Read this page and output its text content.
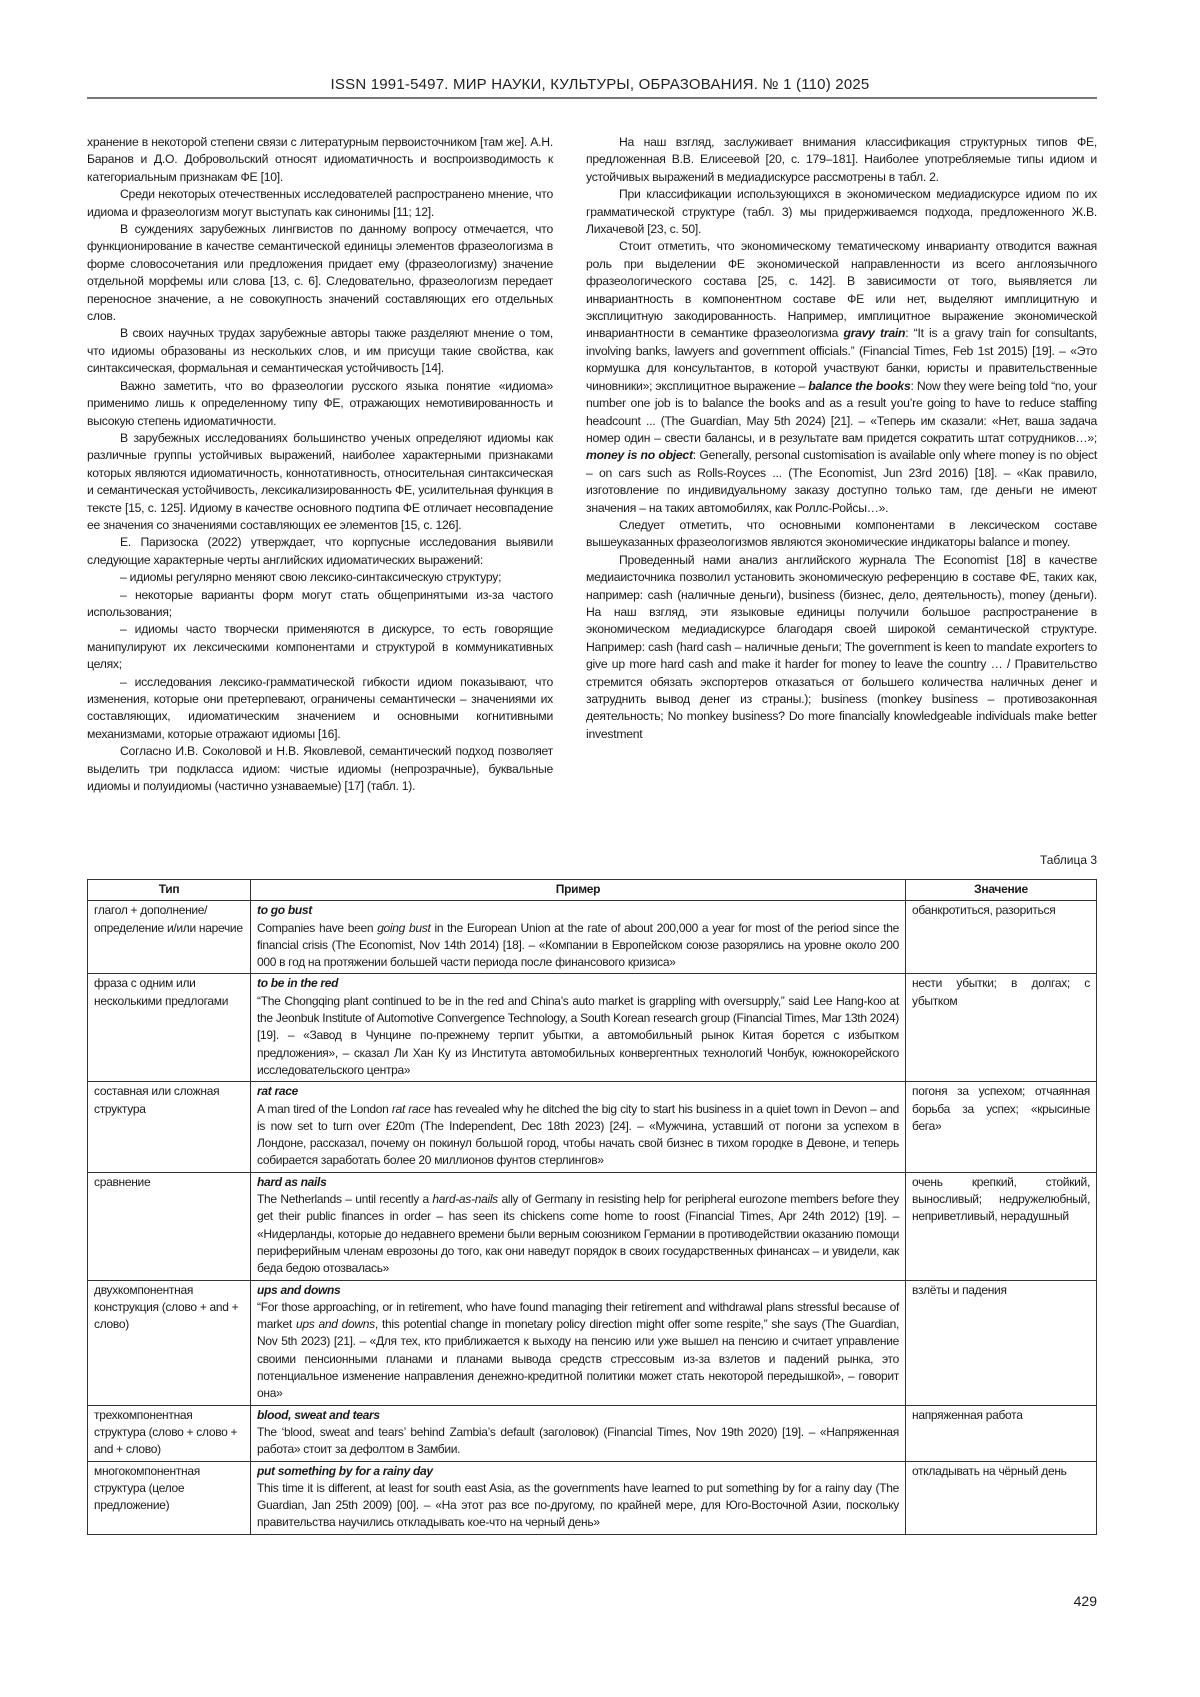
ISSN 1991-5497. МИР НАУКИ, КУЛЬТУРЫ, ОБРАЗОВАНИЯ. № 1 (110) 2025

хранение в некоторой степени связи с литературным первоисточником [там же]. А.Н. Баранов и Д.О. Добровольский относят идиоматичность и воспроизводимость к категориальным признакам ФЕ [10].

Среди некоторых отечественных исследователей распространено мнение, что идиома и фразеологизм могут выступать как синонимы [11; 12].

В суждениях зарубежных лингвистов по данному вопросу отмечается, что функционирование в качестве семантической единицы элементов фразеологизма в форме словосочетания или предложения придает ему (фразеологизму) значение отдельной морфемы или слова [13, с. 6]. Следовательно, фразеологизм передает переносное значение, а не совокупность значений составляющих его отдельных слов.

В своих научных трудах зарубежные авторы также разделяют мнение о том, что идиомы образованы из нескольких слов, и им присущи такие свойства, как синтаксическая, формальная и семантическая устойчивость [14].

Важно заметить, что во фразеологии русского языка понятие «идиома» применимо лишь к определенному типу ФЕ, отражающих немотивированность и высокую степень идиоматичности.

В зарубежных исследованиях большинство ученых определяют идиомы как различные группы устойчивых выражений, наиболее характерными признаками которых являются идиоматичность, коннотативность, относительная синтаксическая и семантическая устойчивость, лексикализированность ФЕ, усилительная функция в тексте [15, с. 125]. Идиому в качестве основного подтипа ФЕ отличает несовпадение ее значения со значениями составляющих ее элементов [15, с. 126].

Е. Паризоска (2022) утверждает, что корпусные исследования выявили следующие характерные черты английских идиоматических выражений:

– идиомы регулярно меняют свою лексико-синтаксическую структуру;

– некоторые варианты форм могут стать общепринятыми из-за частого использования;

– идиомы часто творчески применяются в дискурсе, то есть говорящие манипулируют их лексическими компонентами и структурой в коммуникативных целях;

– исследования лексико-грамматической гибкости идиом показывают, что изменения, которые они претерпевают, ограничены семантически – значениями их составляющих, идиоматическим значением и основными когнитивными механизмами, которые отражают идиомы [16].

Согласно И.В. Соколовой и Н.В. Яковлевой, семантический подход позволяет выделить три подкласса идиом: чистые идиомы (непрозрачные), буквальные идиомы и полуидиомы (частично узнаваемые) [17] (табл. 1).

На наш взгляд, заслуживает внимания классификация структурных типов ФЕ, предложенная В.В. Елисеевой [20, с. 179–181]. Наиболее употребляемые типы идиом и устойчивых выражений в медиадискурсе рассмотрены в табл. 2.

При классификации использующихся в экономическом медиадискурсе идиом по их грамматической структуре (табл. 3) мы придерживаемся подхода, предложенного Ж.В. Лихачевой [23, с. 50].

Стоит отметить, что экономическому тематическому инварианту отводится важная роль при выделении ФЕ экономической направленности из всего англоязычного фразеологического состава [25, с. 142]. В зависимости от того, выявляется ли инвариантность в компонентном составе ФЕ или нет, выделяют имплицитную и эксплицитную закодированность. Например, имплицитное выражение экономической инвариантности в семантике фразеологизма gravy train: “It is a gravy train for consultants, involving banks, lawyers and government officials.” (Financial Times, Feb 1st 2015) [19]. – «Это кормушка для консультантов, в которой участвуют банки, юристы и правительственные чиновники»; эксплицитное выражение – balance the books: Now they were being told “no, your number one job is to balance the books and as a result you’re going to have to reduce staffing headcount ... (The Guardian, May 5th 2024) [21]. – «Теперь им сказали: «Нет, ваша задача номер один – свести балансы, и в результате вам придется сократить штат сотрудников…»; money is no object: Generally, personal customisation is available only where money is no object – on cars such as Rolls-Royces ... (The Economist, Jun 23rd 2016) [18]. – «Как правило, изготовление по индивидуальному заказу доступно только там, где деньги не имеют значения – на таких автомобилях, как Роллс-Ройсы…».

Следует отметить, что основными компонентами в лексическом составе вышеуказанных фразеологизмов являются экономические индикаторы balance и money.

Проведенный нами анализ английского журнала The Economist [18] в качестве медиаисточника позволил установить экономическую референцию в составе ФЕ, таких как, например: cash (наличные деньги), business (бизнес, дело, деятельность), money (деньги). На наш взгляд, эти языковые единицы получили большое распространение в экономическом медиадискурсе благодаря своей широкой семантической структуре. Например: cash (hard cash – наличные деньги; The government is keen to mandate exporters to give up more hard cash and make it harder for money to leave the country … / Правительство стремится обязать экспортеров отказаться от большего количества наличных денег и затруднить вывод денег из страны.); business (monkey business – противозаконная деятельность; No monkey business? Do more financially knowledgeable individuals make better investment

Таблица 3
Тип	Пример	Значение
глагол + дополнение/ определение и/или наречие	
to go bust
Companies have been going bust in the European Union at the rate of about 200,000 a year for most of the period since the financial crisis (The Economist, Nov 14th 2014) [18]. – «Компании в Европейском союзе разорялись на уровне около 200 000 в год на протяжении большей части периода после финансового кризиса»
	обанкротиться, разориться
фраза с одним или несколькими предлогами	
to be in the red
“The Chongqing plant continued to be in the red and China’s auto market is grappling with oversupply,” said Lee Hang-koo at the Jeonbuk Institute of Automotive Convergence Technology, a South Korean research group (Financial Times, Mar 13th 2024) [19]. – «Завод в Чунцине по-прежнему терпит убытки, а автомобильный рынок Китая борется с избытком предложения», – сказал Ли Хан Ку из Института автомобильных конвергентных технологий Чонбук, южнокорейского исследовательского центра»
	нести убытки; в долгах; с убытком
составная или сложная структура	
rat race
A man tired of the London rat race has revealed why he ditched the big city to start his business in a quiet town in Devon – and is now set to turn over £20m (The Independent, Dec 18th 2023) [24]. – «Мужчина, уставший от погони за успехом в Лондоне, рассказал, почему он покинул большой город, чтобы начать свой бизнес в тихом городке в Девоне, и теперь собирается заработать более 20 миллионов фунтов стерлингов»
	погоня за успехом; отчаянная борьба за успех; «крысиные бега»
сравнение	hard as nails
The Netherlands – until recently a hard-as-nails ally of Germany in resisting help for peripheral eurozone members before they get their public finances in order – has seen its chickens come home to roost (Financial Times, Apr 24th 2012) [19]. – «Нидерланды, которые до недавнего времени были верным союзником Германии в противодействии оказанию помощи периферийным членам еврозоны до того, как они наведут порядок в своих государственных финансах – и увидели, как беда бедою отозвалась»
	очень крепкий, стойкий, выносливый; недружелюбный, неприветливый, нерадушный
двухкомпонентная конструкция (слово + and + слово)	
ups and downs
“For those approaching, or in retirement, who have found managing their retirement and withdrawal plans stressful because of market ups and downs, this potential change in monetary policy direction might offer some respite,” she says (The Guardian, Nov 5th 2023) [21]. – «Для тех, кто приближается к выходу на пенсию или уже вышел на пенсию и считает управление своими пенсионными планами и планами вывода средств стрессовым из-за взлетов и падений рынка, это потенциальное изменение направления денежно-кредитной политики может стать некоторой передышкой», – говорит она»
	взлёты и падения
трехкомпонентная структура (слово + слово + and + слово)	
blood, sweat and tears
The ‘blood, sweat and tears’ behind Zambia’s default (заголовок) (Financial Times, Nov 19th 2020) [19]. – «Напряженная работа» стоит за дефолтом в Замбии.
	напряженная работа
многокомпонентная структура (целое предложение)	
put something by for a rainy day
This time it is different, at least for south east Asia, as the governments have learned to put something by for a rainy day (The Guardian, Jan 25th 2009) [00]. – «На этот раз все по-другому, по крайней мере, для Юго-Восточной Азии, поскольку правительства научились откладывать кое-что на черный день»
	откладывать на чёрный день
429
